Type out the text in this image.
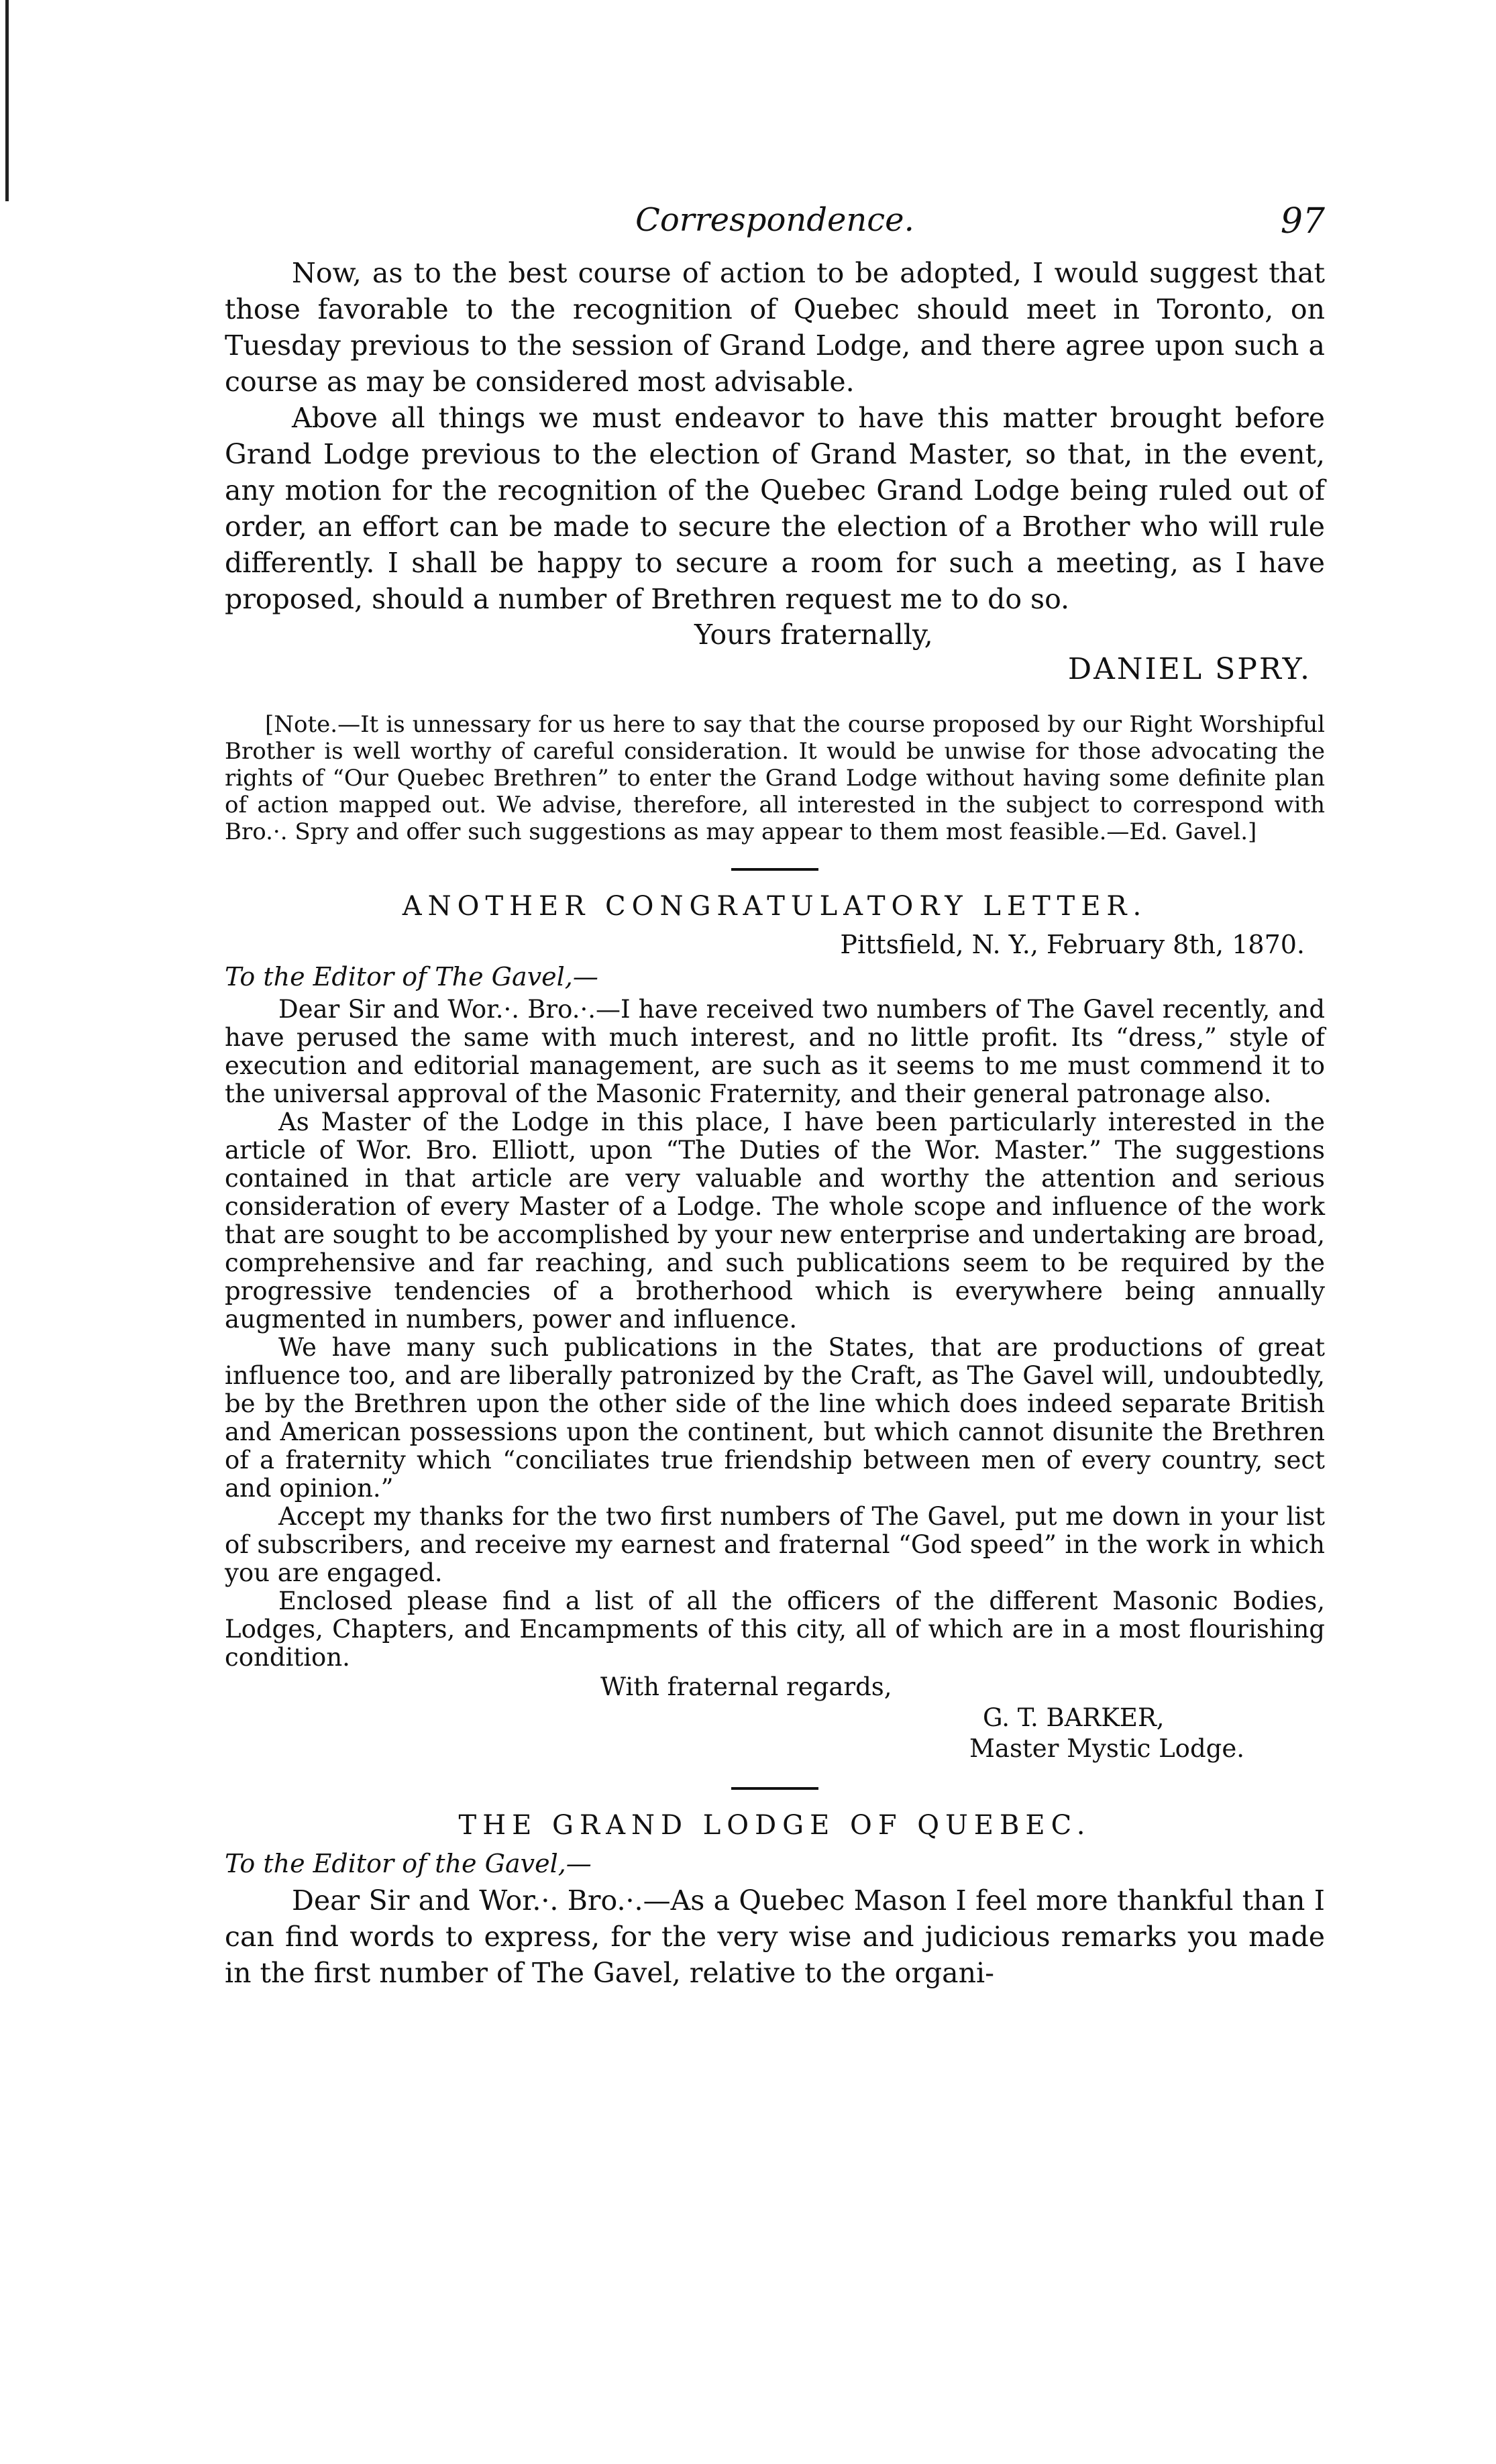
Correspondence.	97

Now, as to the best course of action to be adopted, I would suggest that those favorable to the recognition of Quebec should meet in Toronto, on Tuesday previous to the session of Grand Lodge, and there agree upon such a course as may be considered most advisable.

Above all things we must endeavor to have this matter brought before Grand Lodge previous to the election of Grand Master, so that, in the event, any motion for the recognition of the Quebec Grand Lodge being ruled out of order, an effort can be made to secure the election of a Brother who will rule differently. I shall be happy to secure a room for such a meeting, as I have proposed, should a number of Brethren request me to do so.

Yours fraternally,
DANIEL SPRY.

[Note.—It is unnessary for us here to say that the course proposed by our Right Worshipful Brother is well worthy of careful consideration. It would be unwise for those advocating the rights of “Our Quebec Brethren” to enter the Grand Lodge without having some definite plan of action mapped out. We advise, therefore, all interested in the subject to correspond with Bro.·. Spry and offer such suggestions as may appear to them most feasible.—Ed. Gavel.]

ANOTHER CONGRATULATORY LETTER.
Pittsfield, N. Y., February 8th, 1870.
To the Editor of The Gavel,—

Dear Sir and Wor.·. Bro.·.—I have received two numbers of The Gavel recently, and have perused the same with much interest, and no little profit. Its “dress,” style of execution and editorial management, are such as it seems to me must commend it to the universal approval of the Masonic Fraternity, and their general patronage also.

As Master of the Lodge in this place, I have been particularly interested in the article of Wor. Bro. Elliott, upon “The Duties of the Wor. Master.” The suggestions contained in that article are very valuable and worthy the attention and serious consideration of every Master of a Lodge. The whole scope and influence of the work that are sought to be accomplished by your new enterprise and undertaking are broad, comprehensive and far reaching, and such publications seem to be required by the progressive tendencies of a brotherhood which is everywhere being annually augmented in numbers, power and influence.

We have many such publications in the States, that are productions of great influence too, and are liberally patronized by the Craft, as The Gavel will, undoubtedly, be by the Brethren upon the other side of the line which does indeed separate British and American possessions upon the continent, but which cannot disunite the Brethren of a fraternity which “conciliates true friendship between men of every country, sect and opinion.”

Accept my thanks for the two first numbers of The Gavel, put me down in your list of subscribers, and receive my earnest and fraternal “God speed” in the work in which you are engaged.

Enclosed please find a list of all the officers of the different Masonic Bodies, Lodges, Chapters, and Encampments of this city, all of which are in a most flourishing condition.

With fraternal regards,
G. T. BARKER,
Master Mystic Lodge.
THE GRAND LODGE OF QUEBEC.
To the Editor of the Gavel,—

Dear Sir and Wor.·. Bro.·.—As a Quebec Mason I feel more thankful than I can find words to express, for the very wise and judicious remarks you made in the first number of The Gavel, relative to the organi-
